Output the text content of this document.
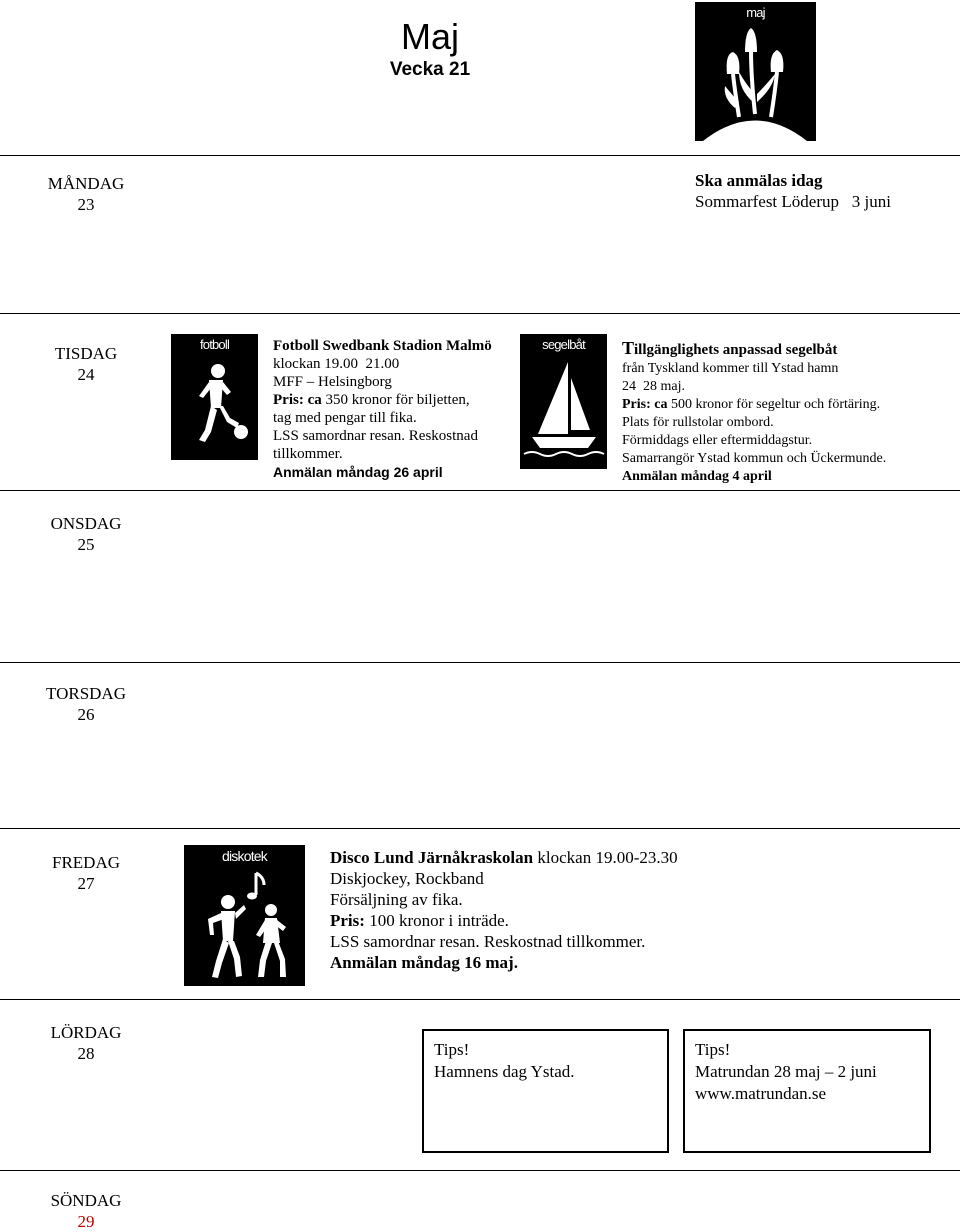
Maj
Vecka 21
maj
MÅNDAG
23
Ska anmälas idag
Sommarfest Löderup   3 juni
TISDAG
24
fotboll	Fotboll Swedbank Stadion Malmö
klockan 19.00  21.00
MFF – Helsingborg
Pris: ca 350 kronor för biljetten,
tag med pengar till fika.
LSS samordnar resan. Reskostnad
tillkommer.
Anmälan måndag 26 april
segelbåt	Tillgänglighets anpassad segelbåt
från Tyskland kommer till Ystad hamn
24  28 maj.
Pris: ca 500 kronor för segeltur och förtäring.
Plats för rullstolar ombord.
Förmiddags eller eftermiddagstur.
Samarrangör Ystad kommun och Ückermunde.
Anmälan måndag 4 april
ONSDAG
25
TORSDAG
26
FREDAG
27
diskotek	Disco Lund Järnåkraskolan klockan 19.00-23.30
Diskjockey, Rockband
Försäljning av fika.
Pris: 100 kronor i inträde.
LSS samordnar resan. Reskostnad tillkommer.
Anmälan måndag 16 maj.
LÖRDAG
28	Tips!
Hamnens dag Ystad.
Tips!
Matrundan 28 maj – 2 juni
www.matrundan.se
SÖNDAG
29
